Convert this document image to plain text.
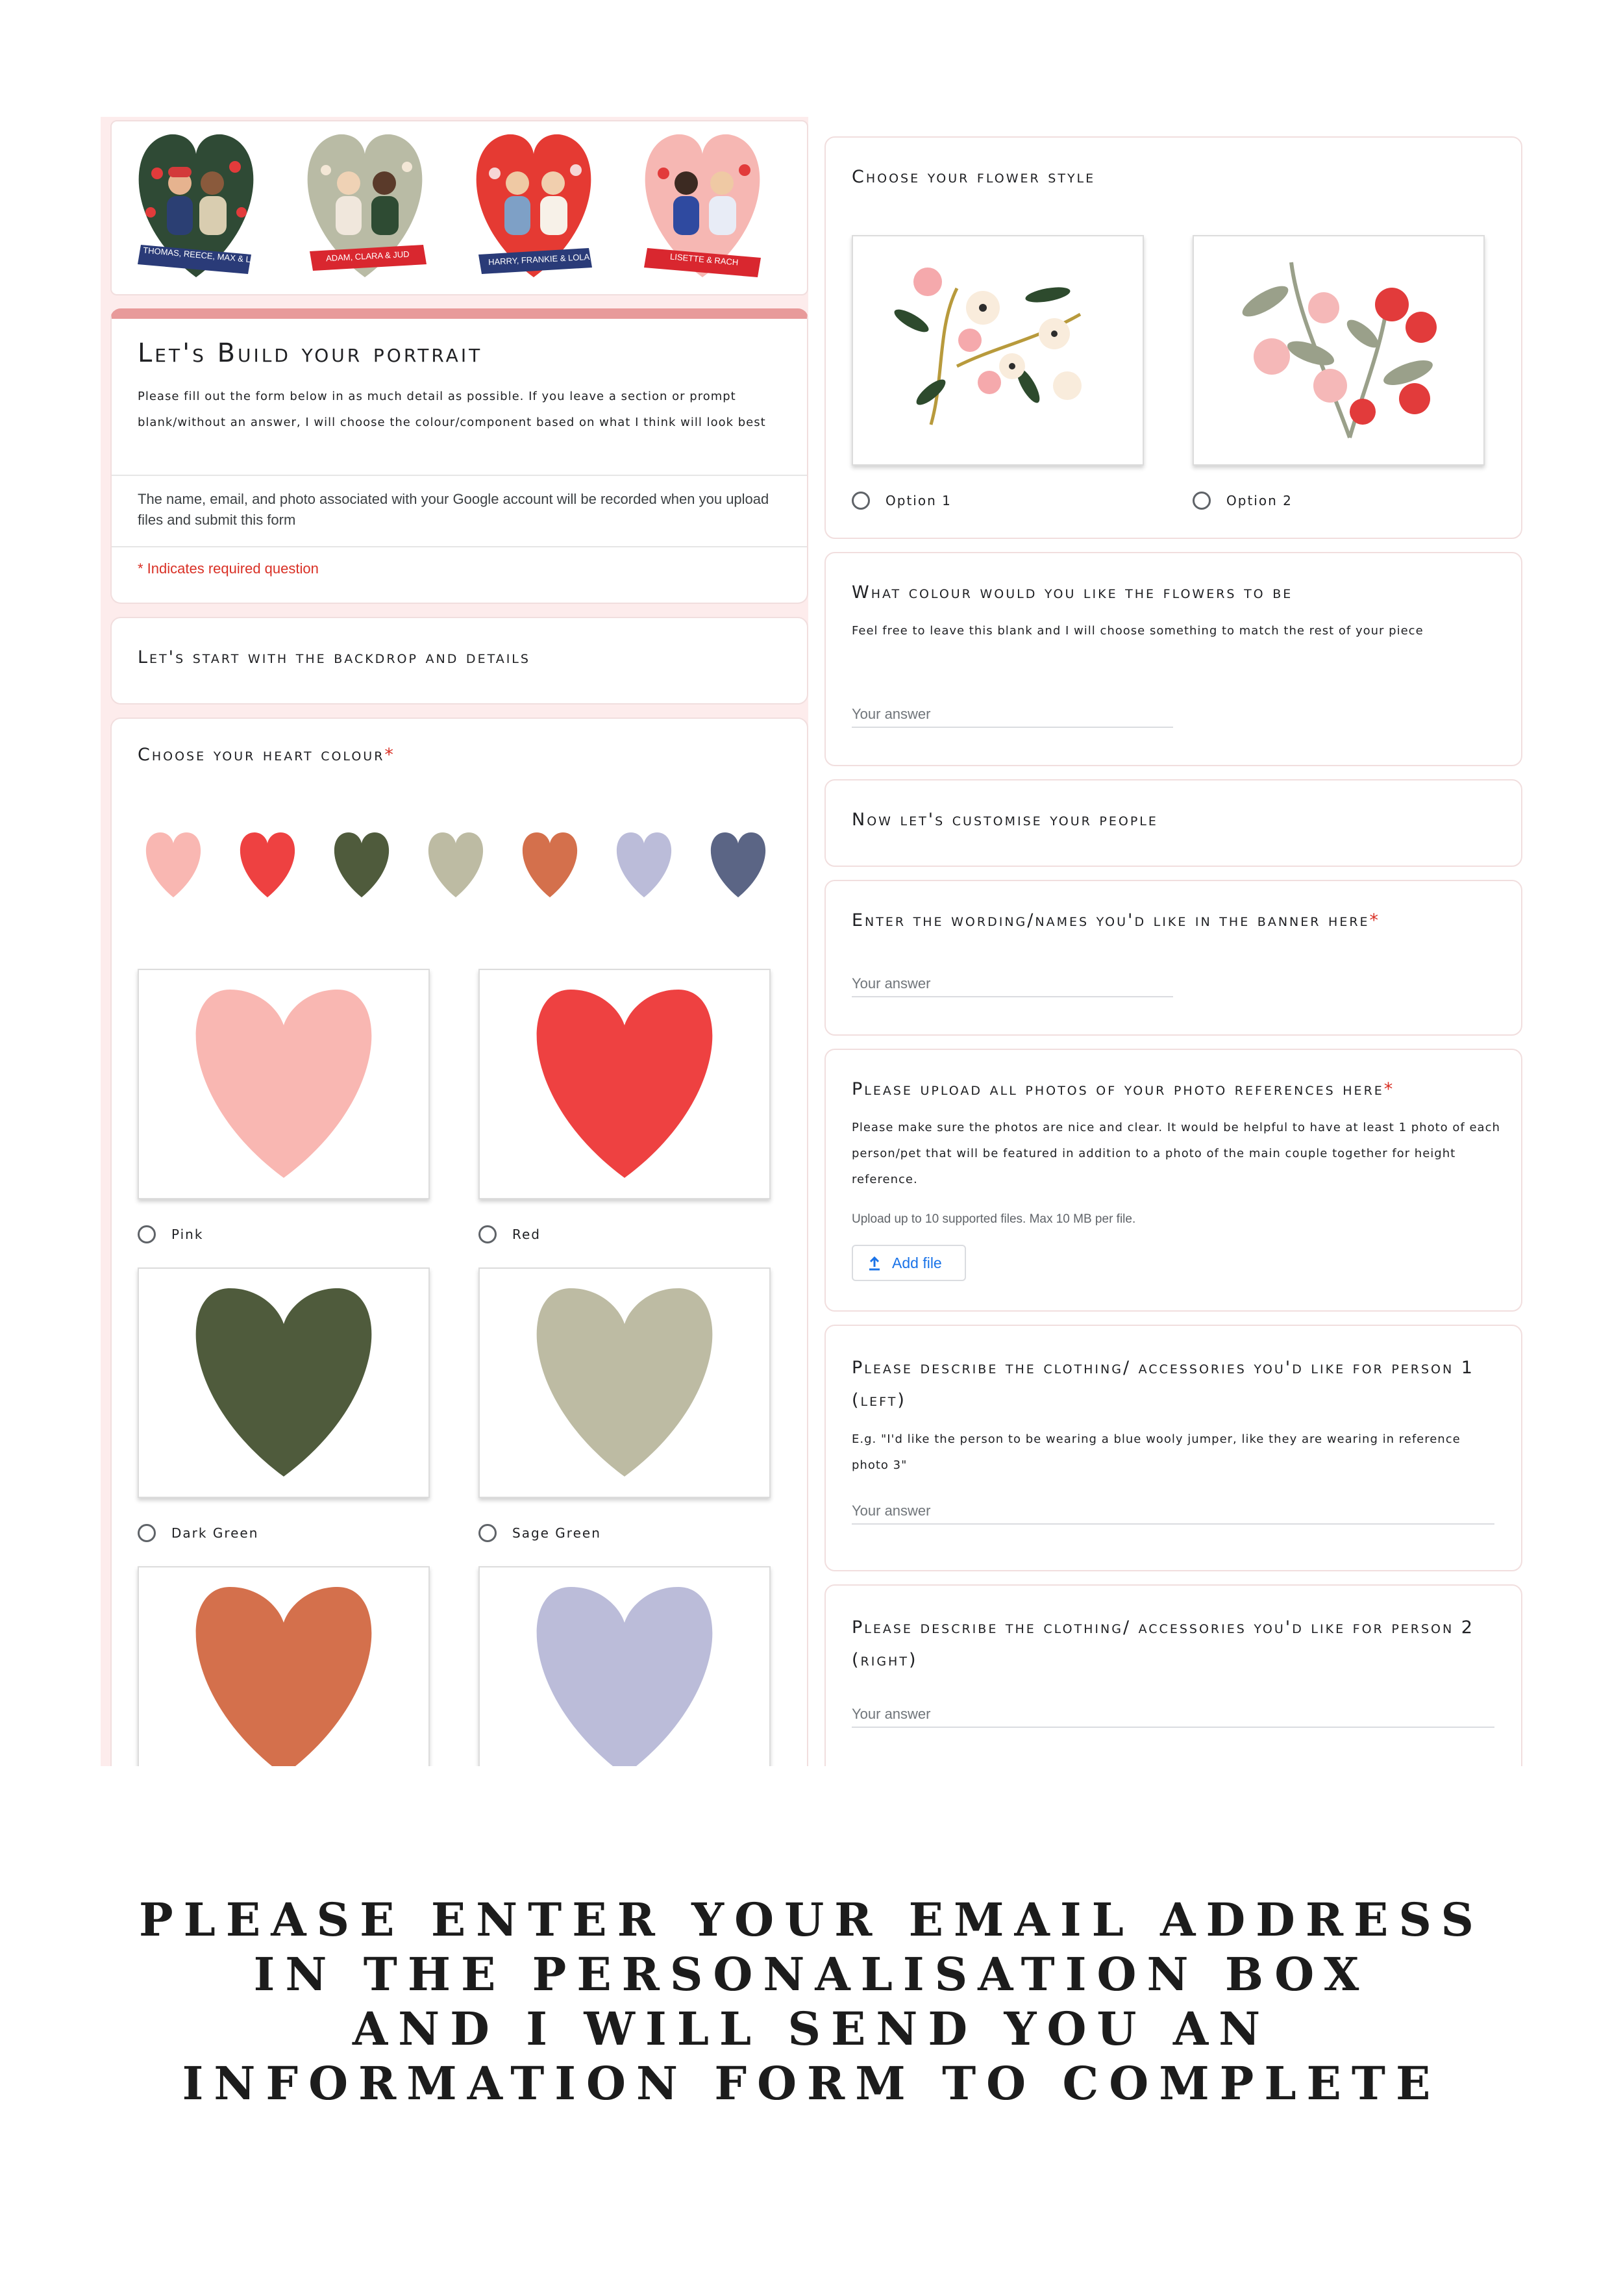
THOMAS, REECE, MAX & LOLO	ADAM, CLARA & JUD	HARRY, FRANKIE & LOLA	LISETTE & RACH
Let's Build your portrait
Please fill out the form below in as much detail as possible. If you leave a section or prompt blank/without an answer, I will choose the colour/component based on what I think will look best
The name, email, and photo associated with your Google account will be recorded when you upload files and submit this form
* Indicates required question
Let's start with the backdrop and details
Choose your heart colour*
Pink	Red
Dark Green	Sage Green
Choose your flower style
Option 1	Option 2
What colour would you like the flowers to be
Feel free to leave this blank and I will choose something to match the rest of your piece
Your answer
Now let's customise your people
Enter the wording/names you'd like in the banner here*
Your answer
Please upload all photos of your photo references here*
Please make sure the photos are nice and clear. It would be helpful to have at least 1 photo of each person/pet that will be featured in addition to a photo of the main couple together for height reference.
Upload up to 10 supported files. Max 10 MB per file.
Add file
Please describe the clothing/ accessories you'd like for person 1 (left)
E.g. "I'd like the person to be wearing a blue wooly jumper, like they are wearing in reference photo 3"
Your answer
Please describe the clothing/ accessories you'd like for person 2 (right)
Your answer
PLEASE ENTER YOUR EMAIL ADDRESS
IN THE PERSONALISATION BOX
AND I WILL SEND YOU AN
INFORMATION FORM TO COMPLETE
